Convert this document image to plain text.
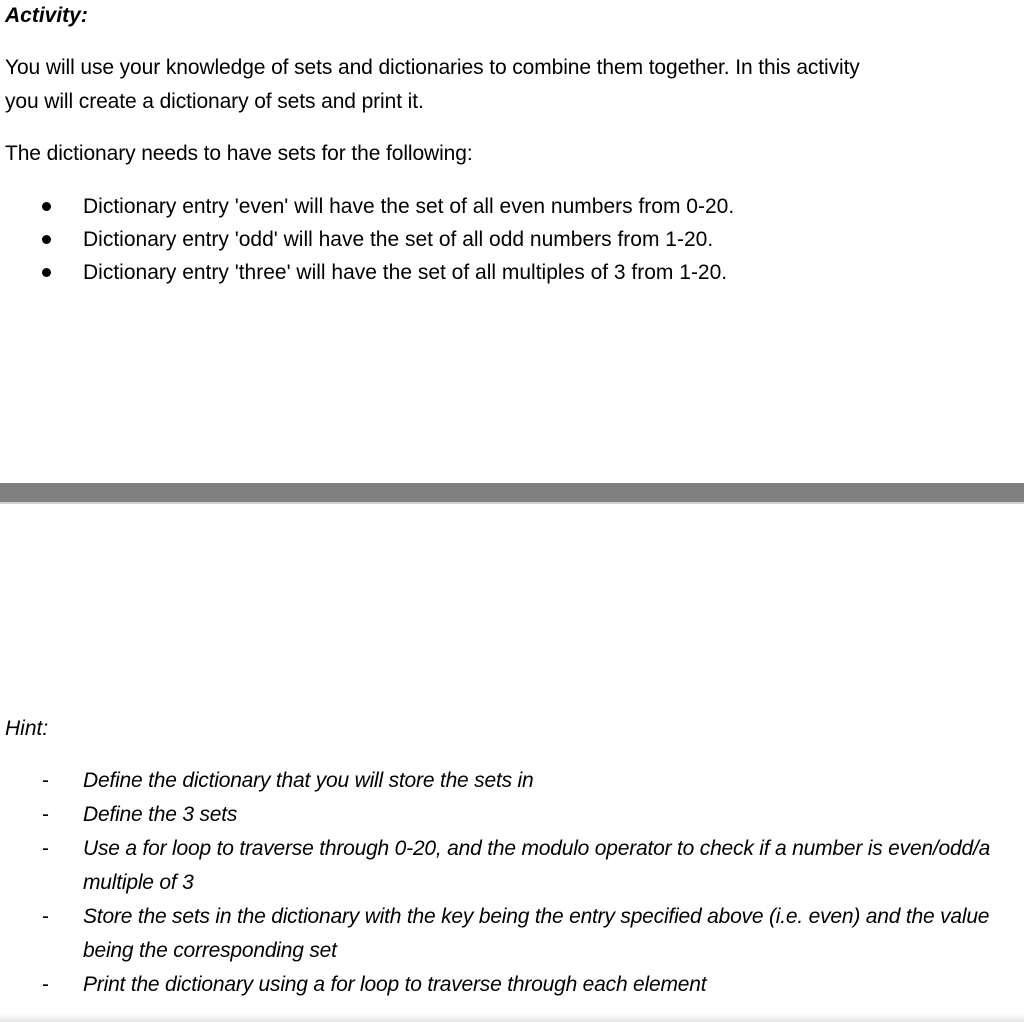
Activity:
You will use your knowledge of sets and dictionaries to combine them together. In this activity
you will create a dictionary of sets and print it.
The dictionary needs to have sets for the following:
Dictionary entry 'even' will have the set of all even numbers from 0-20.
Dictionary entry 'odd' will have the set of all odd numbers from 1-20.
Dictionary entry 'three' will have the set of all multiples of 3 from 1-20.
Hint:
- Define the dictionary that you will store the sets in
- Define the 3 sets
- Use a for loop to traverse through 0-20, and the modulo operator to check if a number is even/odd/a multiple of 3
- Store the sets in the dictionary with the key being the entry specified above (i.e. even) and the value being the corresponding set
- Print the dictionary using a for loop to traverse through each element
